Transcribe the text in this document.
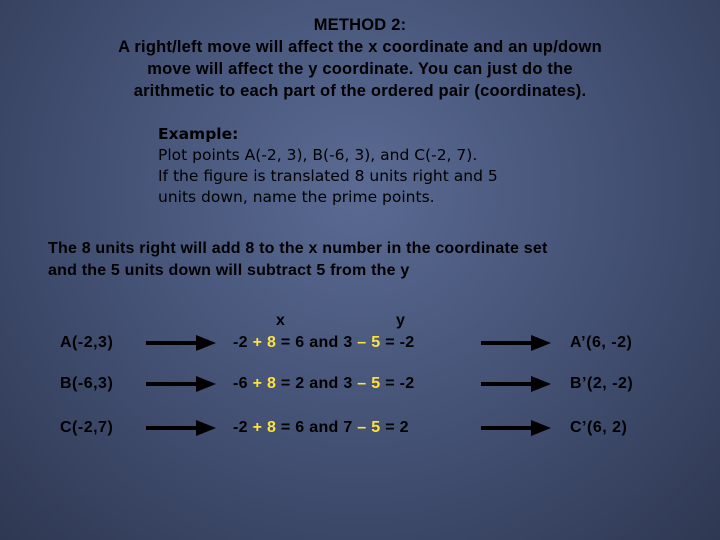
METHOD 2:
A right/left move will affect the x coordinate and an up/down
move will affect the y coordinate. You can just do the
arithmetic to each part of the ordered pair (coordinates).
Example:
Plot points A(-2, 3), B(-6, 3), and C(-2, 7).
If the figure is translated 8 units right and 5
units down, name the prime points.
The 8 units right will add 8 to the x number in the coordinate set
and the 5 units down will subtract 5 from the y
x	y
A(-2,3)	-2 + 8 = 6 and 3 – 5 = -2	A’(6, -2)
B(-6,3)	-6 + 8 = 2 and 3 – 5 = -2	B’(2, -2)
C(-2,7)	-2 + 8 = 6 and 7 – 5 = 2	C’(6, 2)
